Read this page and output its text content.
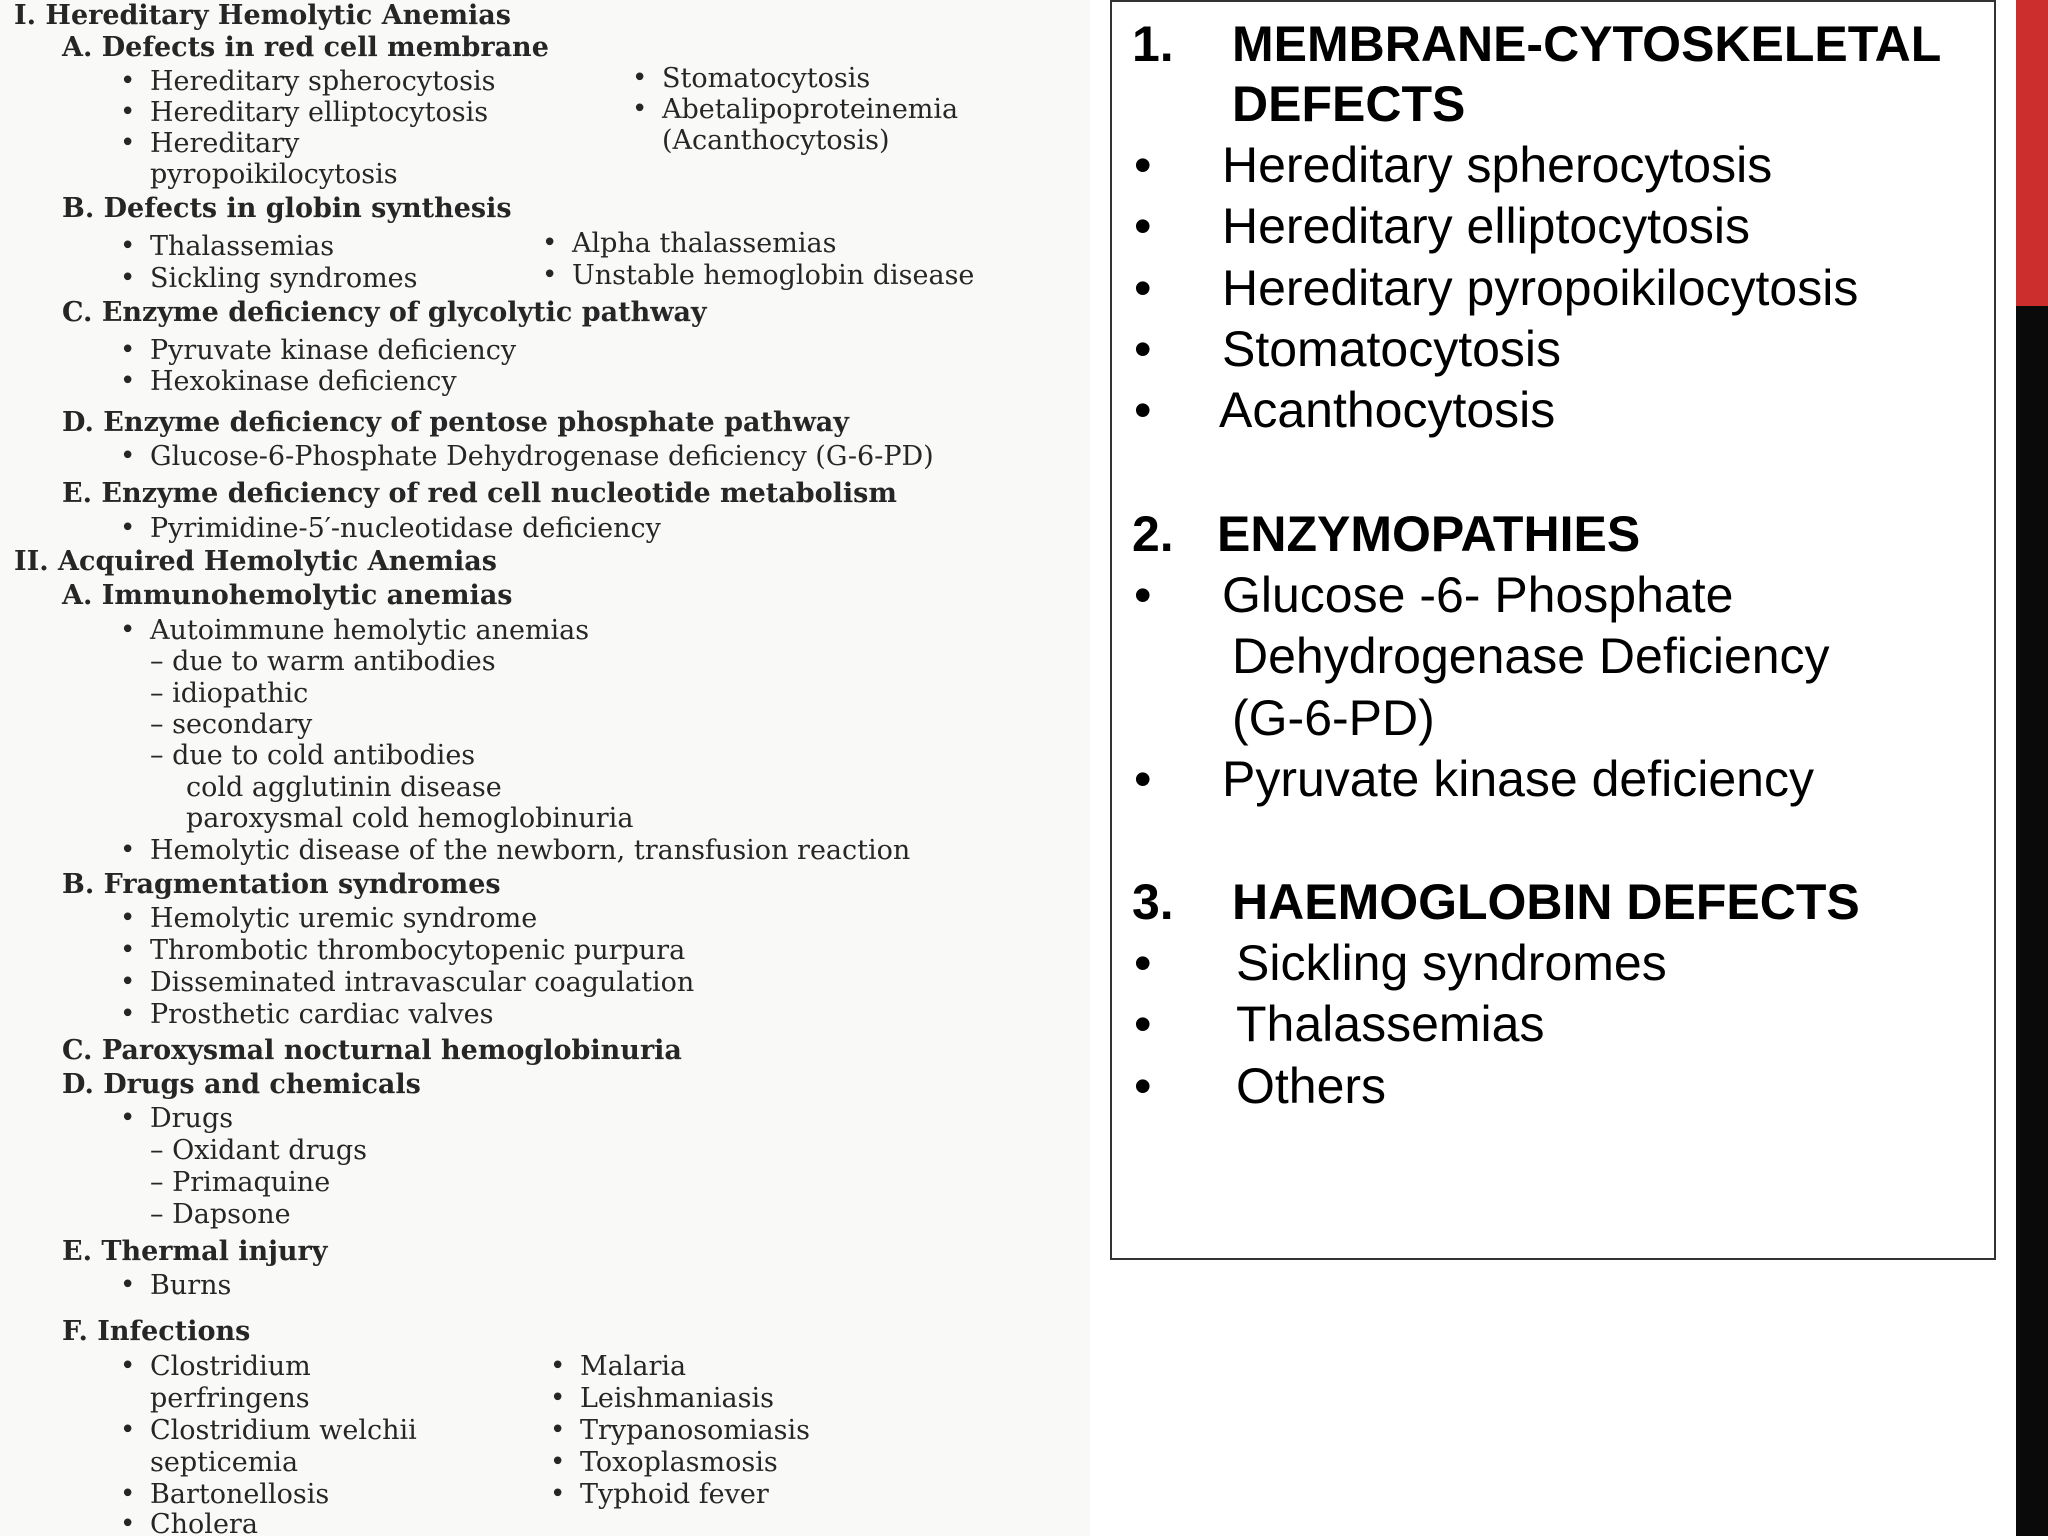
I. Hereditary Hemolytic Anemias
A. Defects in red cell membrane
• Hereditary spherocytosis
• Hereditary elliptocytosis
• Hereditary
pyropoikilocytosis
• Stomatocytosis
• Abetalipoproteinemia
(Acanthocytosis)
B. Defects in globin synthesis
• Thalassemias
• Sickling syndromes
• Alpha thalassemias
• Unstable hemoglobin disease
C. Enzyme deficiency of glycolytic pathway
• Pyruvate kinase deficiency
• Hexokinase deficiency
D. Enzyme deficiency of pentose phosphate pathway
• Glucose-6-Phosphate Dehydrogenase deficiency (G-6-PD)
E. Enzyme deficiency of red cell nucleotide metabolism
• Pyrimidine-5′-nucleotidase deficiency
II. Acquired Hemolytic Anemias
A. Immunohemolytic anemias
• Autoimmune hemolytic anemias
– due to warm antibodies
– idiopathic
– secondary
– due to cold antibodies
cold agglutinin disease
paroxysmal cold hemoglobinuria
• Hemolytic disease of the newborn, transfusion reaction
B. Fragmentation syndromes
• Hemolytic uremic syndrome
• Thrombotic thrombocytopenic purpura
• Disseminated intravascular coagulation
• Prosthetic cardiac valves
C. Paroxysmal nocturnal hemoglobinuria
D. Drugs and chemicals
• Drugs
– Oxidant drugs
– Primaquine
– Dapsone
E. Thermal injury
• Burns
F. Infections
• Clostridium
perfringens
• Clostridium welchii
septicemia
• Bartonellosis
• Cholera
• Malaria
• Leishmaniasis
• Trypanosomiasis
• Toxoplasmosis
• Typhoid fever
1. MEMBRANE-CYTOSKELETAL
DEFECTS
• Hereditary spherocytosis
• Hereditary elliptocytosis
• Hereditary pyropoikilocytosis
• Stomatocytosis
• Acanthocytosis
2. ENZYMOPATHIES
• Glucose -6- Phosphate
Dehydrogenase Deficiency
(G-6-PD)
• Pyruvate kinase deficiency
3. HAEMOGLOBIN DEFECTS
• Sickling syndromes
• Thalassemias
• Others
